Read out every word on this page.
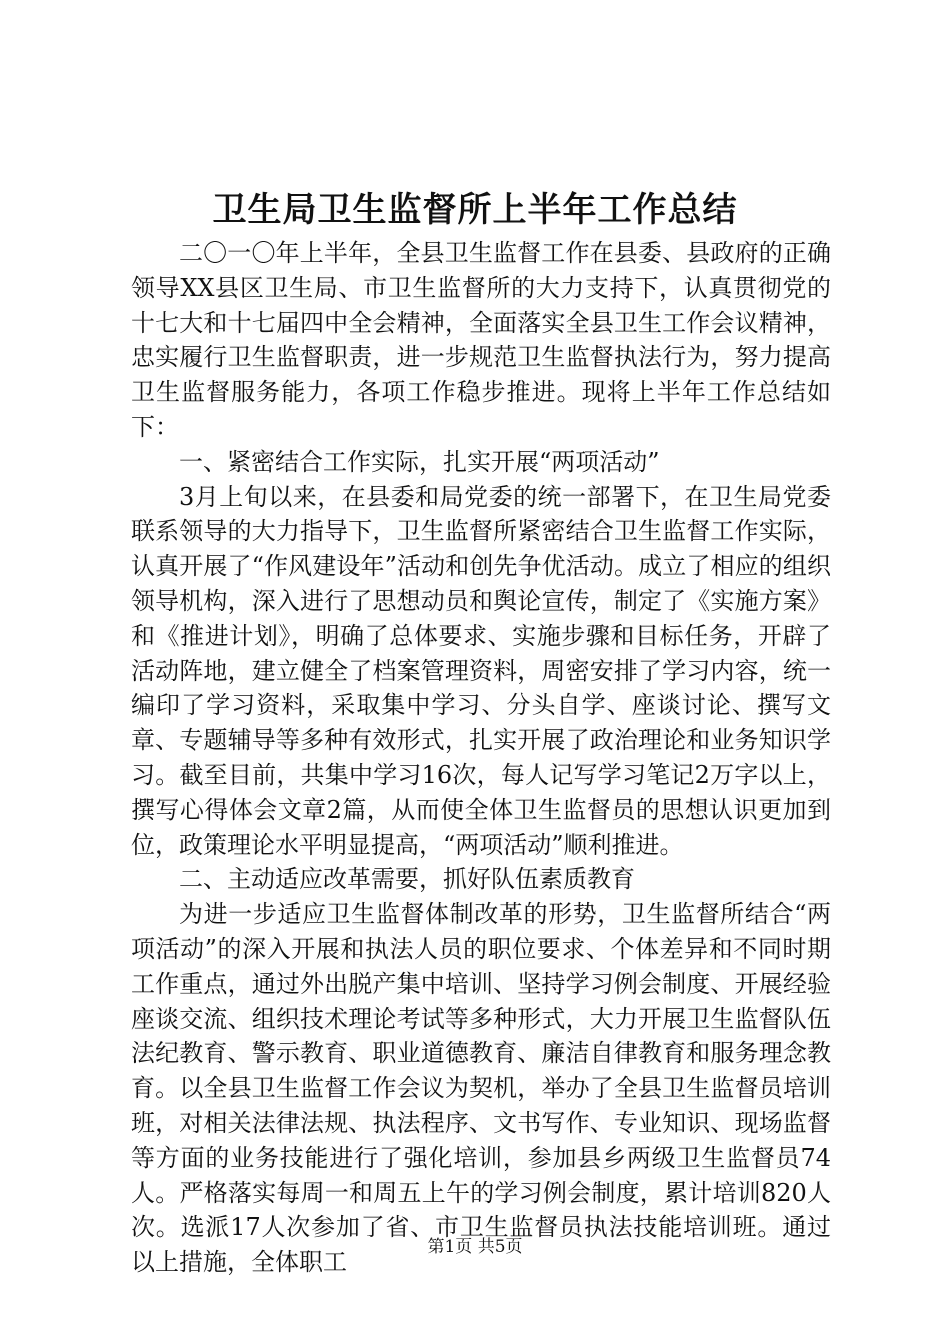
卫生局卫生监督所上半年工作总结

二〇一〇年上半年，全县卫生监督工作在县委、县政府的正确领导XX县区卫生局、市卫生监督所的大力支持下，认真贯彻党的十七大和十七届四中全会精神，全面落实全县卫生工作会议精神，忠实履行卫生监督职责，进一步规范卫生监督执法行为，努力提高卫生监督服务能力，各项工作稳步推进。现将上半年工作总结如下：

一、紧密结合工作实际，扎实开展“两项活动”

3月上旬以来，在县委和局党委的统一部署下，在卫生局党委联系领导的大力指导下，卫生监督所紧密结合卫生监督工作实际，认真开展了“作风建设年”活动和创先争优活动。成立了相应的组织领导机构，深入进行了思想动员和舆论宣传，制定了《实施方案》和《推进计划》，明确了总体要求、实施步骤和目标任务，开辟了活动阵地，建立健全了档案管理资料，周密安排了学习内容，统一编印了学习资料，采取集中学习、分头自学、座谈讨论、撰写文章、专题辅导等多种有效形式，扎实开展了政治理论和业务知识学习。截至目前，共集中学习16次，每人记写学习笔记2万字以上，撰写心得体会文章2篇，从而使全体卫生监督员的思想认识更加到位，政策理论水平明显提高，“两项活动”顺利推进。

二、主动适应改革需要，抓好队伍素质教育

为进一步适应卫生监督体制改革的形势，卫生监督所结合“两项活动”的深入开展和执法人员的职位要求、个体差异和不同时期工作重点，通过外出脱产集中培训、坚持学习例会制度、开展经验座谈交流、组织技术理论考试等多种形式，大力开展卫生监督队伍法纪教育、警示教育、职业道德教育、廉洁自律教育和服务理念教育。以全县卫生监督工作会议为契机，举办了全县卫生监督员培训班，对相关法律法规、执法程序、文书写作、专业知识、现场监督等方面的业务技能进行了强化培训，参加县乡两级卫生监督员74人。严格落实每周一和周五上午的学习例会制度，累计培训820人次。选派17人次参加了省、市卫生监督员执法技能培训班。通过以上措施，全体职工

第1页 共5页
